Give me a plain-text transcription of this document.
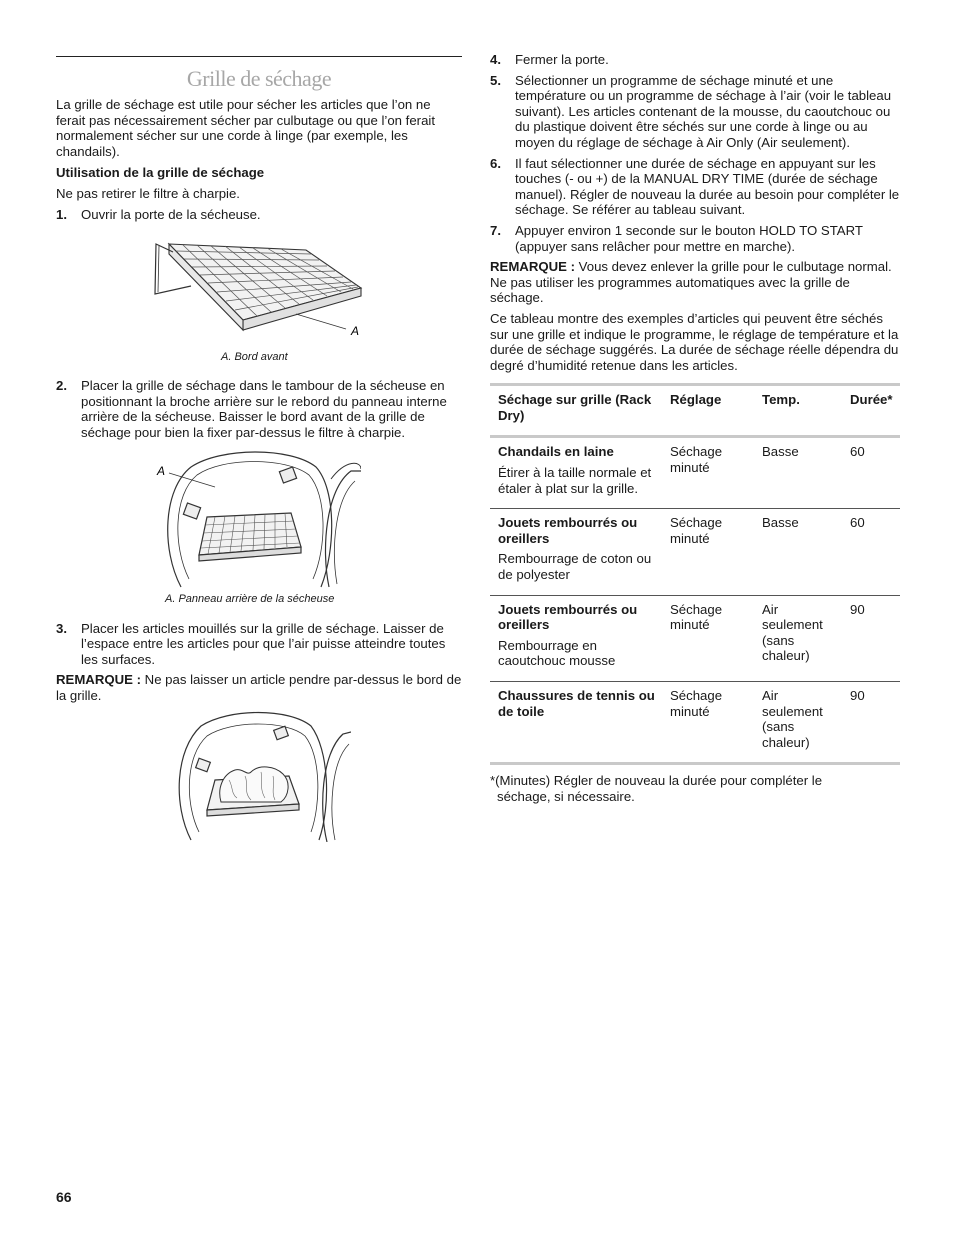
Grille de séchage

La grille de séchage est utile pour sécher les articles que l’on ne ferait pas nécessairement sécher par culbutage ou que l’on ferait normalement sécher sur une corde à linge (par exemple, les chandails).

Utilisation de la grille de séchage

Ne pas retirer le filtre à charpie.

1.	Ouvrir la porte de la sécheuse.
A
A. Bord avant
2.	Placer la grille de séchage dans le tambour de la sécheuse en positionnant la broche arrière sur le rebord du panneau interne arrière de la sécheuse. Baisser le bord avant de la grille de séchage pour bien la fixer par-dessus le filtre à charpie.
A
A. Panneau arrière de la sécheuse
3.	Placer les articles mouillés sur la grille de séchage. Laisser de l’espace entre les articles pour que l’air puisse atteindre toutes les surfaces.

REMARQUE : Ne pas laisser un article pendre par-dessus le bord de la grille.

4.	Fermer la porte.
5.	Sélectionner un programme de séchage minuté et une température ou un programme de séchage à l’air (voir le tableau suivant). Les articles contenant de la mousse, du caoutchouc ou du plastique doivent être séchés sur une corde à linge ou au moyen du réglage de séchage à Air Only (Air seulement).
6.	Il faut sélectionner une durée de séchage en appuyant sur les touches (- ou +) de la MANUAL DRY TIME (durée de séchage manuel). Régler de nouveau la durée au besoin pour compléter le séchage. Se référer au tableau suivant.
7.	Appuyer environ 1 seconde sur le bouton HOLD TO START (appuyer sans relâcher pour mettre en marche).

REMARQUE : Vous devez enlever la grille pour le culbutage normal. Ne pas utiliser les programmes automatiques avec la grille de séchage.

Ce tableau montre des exemples d’articles qui peuvent être séchés sur une grille et indique le programme, le réglage de température et la durée de séchage suggérés. La durée de séchage réelle dépendra du degré d’humidité retenue dans les articles.

Séchage sur grille (Rack Dry)	Réglage	Temp.	Durée*

Chandails en laine
Étirer à la taille normale et étaler à plat sur la grille.	Séchage minuté	Basse	60

Jouets rembourrés ou oreillers
Rembourrage de coton ou de polyester	Séchage minuté	Basse	60

Jouets rembourrés ou oreillers
Rembourrage en caoutchouc mousse	Séchage minuté	Air seulement (sans chaleur)	90

Chaussures de tennis ou de toile	Séchage minuté	Air seulement (sans chaleur)	90
*(Minutes) Régler de nouveau la durée pour compléter le
séchage, si nécessaire.
66
